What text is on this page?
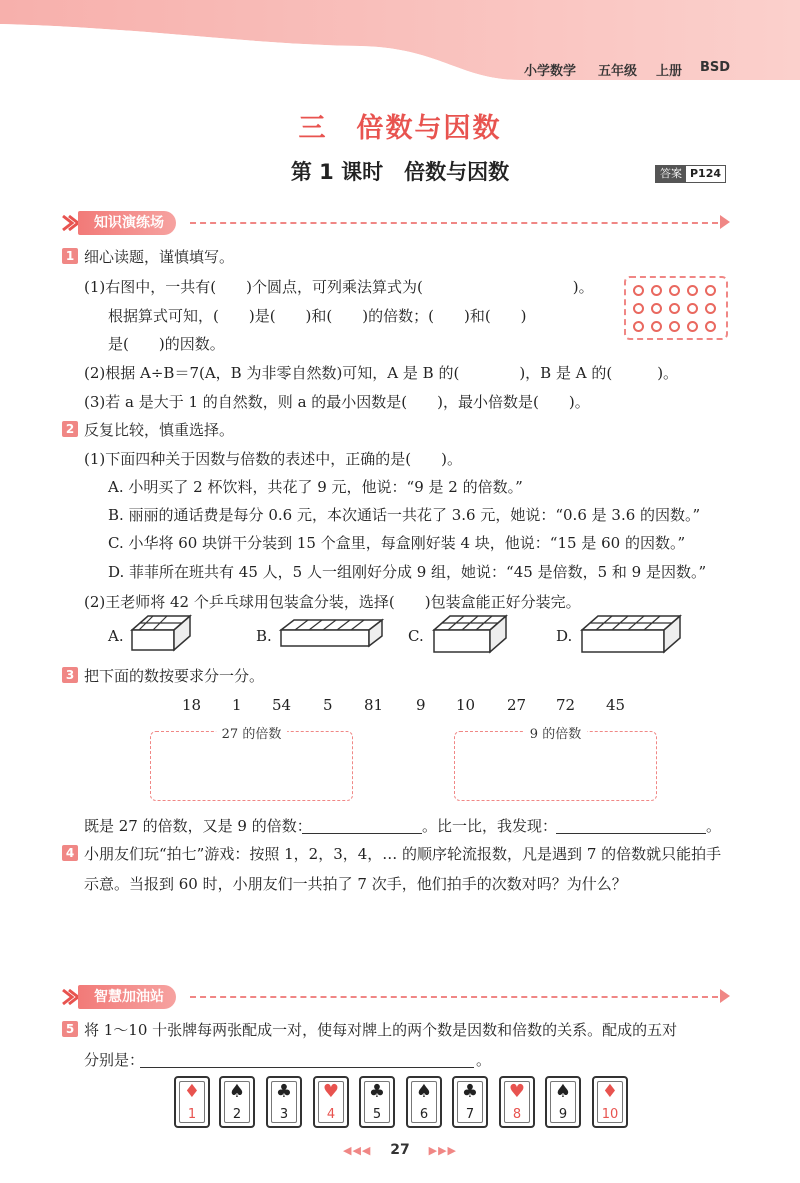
小学数学 五年级 上册 BSD
三　倍数与因数
第 1 课时　倍数与因数	答案 P124
知识演练场
1 细心读题，谨慎填写。
(1)右图中，一共有(　　)个圆点，可列乘法算式为(　　　　　　　　　　)。
根据算式可知，(　　)是(　　)和(　　)的倍数；(　　)和(　　)
是(　　)的因数。
(2)根据 A÷B＝7(A，B 为非零自然数)可知，A 是 B 的(　　　　)，B 是 A 的(　　　)。
(3)若 a 是大于 1 的自然数，则 a 的最小因数是(　　)，最小倍数是(　　)。
2 反复比较，慎重选择。
(1)下面四种关于因数与倍数的表述中，正确的是(　　)。
A. 小明买了 2 杯饮料，共花了 9 元，他说：“9 是 2 的倍数。”
B. 丽丽的通话费是每分 0.6 元，本次通话一共花了 3.6 元，她说：“0.6 是 3.6 的因数。”
C. 小华将 60 块饼干分装到 15 个盒里，每盒刚好装 4 块，他说：“15 是 60 的因数。”
D. 菲菲所在班共有 45 人，5 人一组刚好分成 9 组，她说：“45 是倍数，5 和 9 是因数。”
(2)王老师将 42 个乒乓球用包装盒分装，选择(　　)包装盒能正好分装完。
A.	B.	C.	D.
3 把下面的数按要求分一分。
18 1 54 5 81 9 10 27 72 45
27 的倍数	9 的倍数
既是 27 的倍数，又是 9 的倍数：	。比一比，我发现：	。
4 小朋友们玩“拍七”游戏：按照 1，2，3，4，… 的顺序轮流报数，凡是遇到 7 的倍数就只能拍手
示意。当报到 60 时，小朋友们一共拍了 7 次手，他们拍手的次数对吗？为什么？
智慧加油站
5 将 1～10 十张牌每两张配成一对，使每对牌上的两个数是因数和倍数的关系。配成的五对
分别是：	。
♦
1
♠
2
♣
3
♥
4
♣
5
♠
6
♣
7
♥
8
♠
9
♦
10
◀◀◀ 27 ▶▶▶
